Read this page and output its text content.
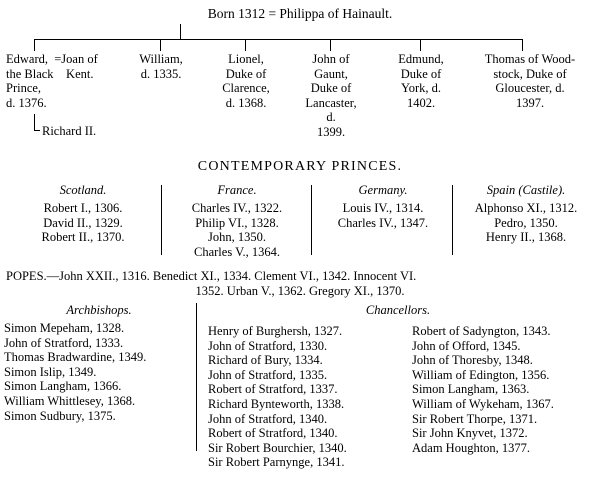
Born 1312 = Philippa of Hainault.
Edward,  =Joan of
the Black    Kent.
Prince,
d. 1376.
Richard II.
William,
d. 1335.
Lionel,
Duke of
Clarence,
d. 1368.
John of
Gaunt,
Duke of
Lancaster,
d.
1399.
Edmund,
Duke of
York, d.
1402.
Thomas of Wood-
stock, Duke of
Gloucester, d.
1397.
CONTEMPORARY PRINCES.
Scotland.
Robert I., 1306.
David II., 1329.
Robert II., 1370.
France.
Charles IV., 1322.
Philip VI., 1328.
John, 1350.
Charles V., 1364.
Germany.
Louis IV., 1314.
Charles IV., 1347.
Spain (Castile).
Alphonso XI., 1312.
Pedro, 1350.
Henry II., 1368.
POPES.—John XXII., 1316. Benedict XI., 1334. Clement VI., 1342. Innocent VI.
1352. Urban V., 1362. Gregory XI., 1370.
Archbishops.
Simon Mepeham, 1328.
John of Stratford, 1333.
Thomas Bradwardine, 1349.
Simon Islip, 1349.
Simon Langham, 1366.
William Whittlesey, 1368.
Simon Sudbury, 1375.
Chancellors.
Henry of Burghersh, 1327.
John of Stratford, 1330.
Richard of Bury, 1334.
John of Stratford, 1335.
Robert of Stratford, 1337.
Richard Bynteworth, 1338.
John of Stratford, 1340.
Robert of Stratford, 1340.
Sir Robert Bourchier, 1340.
Sir Robert Parnynge, 1341.
Robert of Sadyngton, 1343.
John of Offord, 1345.
John of Thoresby, 1348.
William of Edington, 1356.
Simon Langham, 1363.
William of Wykeham, 1367.
Sir Robert Thorpe, 1371.
Sir John Knyvet, 1372.
Adam Houghton, 1377.
